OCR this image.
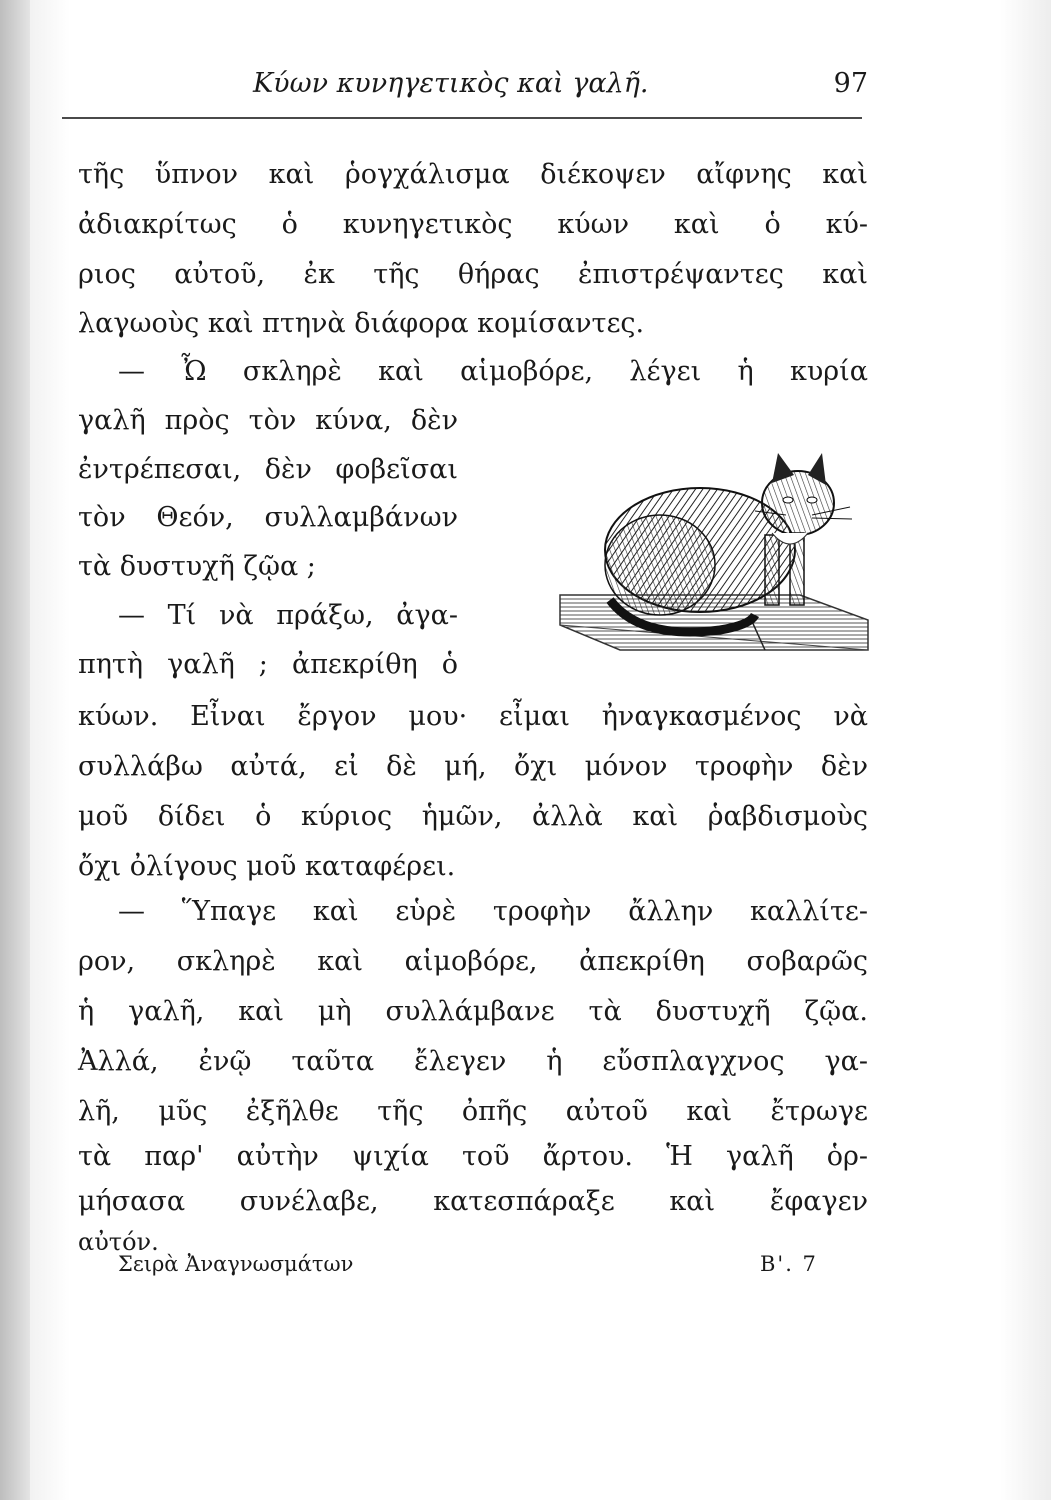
Κύων κυνηγετικὸς καὶ γαλῆ.	97
τῆς ὕπνον καὶ ῥογχάλισμα διέκοψεν αἴφνης καὶ
ἀδιακρίτως ὁ κυνηγετικὸς κύων καὶ ὁ κύ-
ριος αὐτοῦ, ἐκ τῆς θήρας ἐπιστρέψαντες καὶ
λαγωοὺς καὶ πτηνὰ διάφορα κομίσαντες.
— Ὦ σκληρὲ καὶ αἱμοβόρε, λέγει ἡ κυρία
γαλῆ πρὸς τὸν κύνα, δὲν
ἐντρέπεσαι, δὲν φοβεῖσαι
τὸν Θεόν, συλλαμβάνων
τὰ δυστυχῆ ζῷα ;
— Τί νὰ πράξω, ἀγα-
πητὴ γαλῆ ; ἀπεκρίθη ὁ
κύων. Εἶναι ἔργον μου· εἶμαι ἠναγκασμένος νὰ
συλλάβω αὐτά, εἰ δὲ μή, ὄχι μόνον τροφὴν δὲν
μοῦ δίδει ὁ κύριος ἡμῶν, ἀλλὰ καὶ ῥαβδισμοὺς
ὄχι ὀλίγους μοῦ καταφέρει.
— Ὕπαγε καὶ εὑρὲ τροφὴν ἄλλην καλλίτε-
ρον, σκληρὲ καὶ αἱμοβόρε, ἀπεκρίθη σοβαρῶς
ἡ γαλῆ, καὶ μὴ συλλάμβανε τὰ δυστυχῆ ζῷα.
Ἀλλά, ἐνῷ ταῦτα ἔλεγεν ἡ εὔσπλαγχνος γα-
λῆ, μῦς ἐξῆλθε τῆς ὀπῆς αὐτοῦ καὶ ἔτρωγε
τὰ παρ' αὐτὴν ψιχία τοῦ ἄρτου. Ἡ γαλῆ ὁρ-
μήσασα συνέλαβε, κατεσπάραξε καὶ ἔφαγεν
αὐτόν.
Σειρὰ Ἀναγνωσμάτων	Β'. 7
